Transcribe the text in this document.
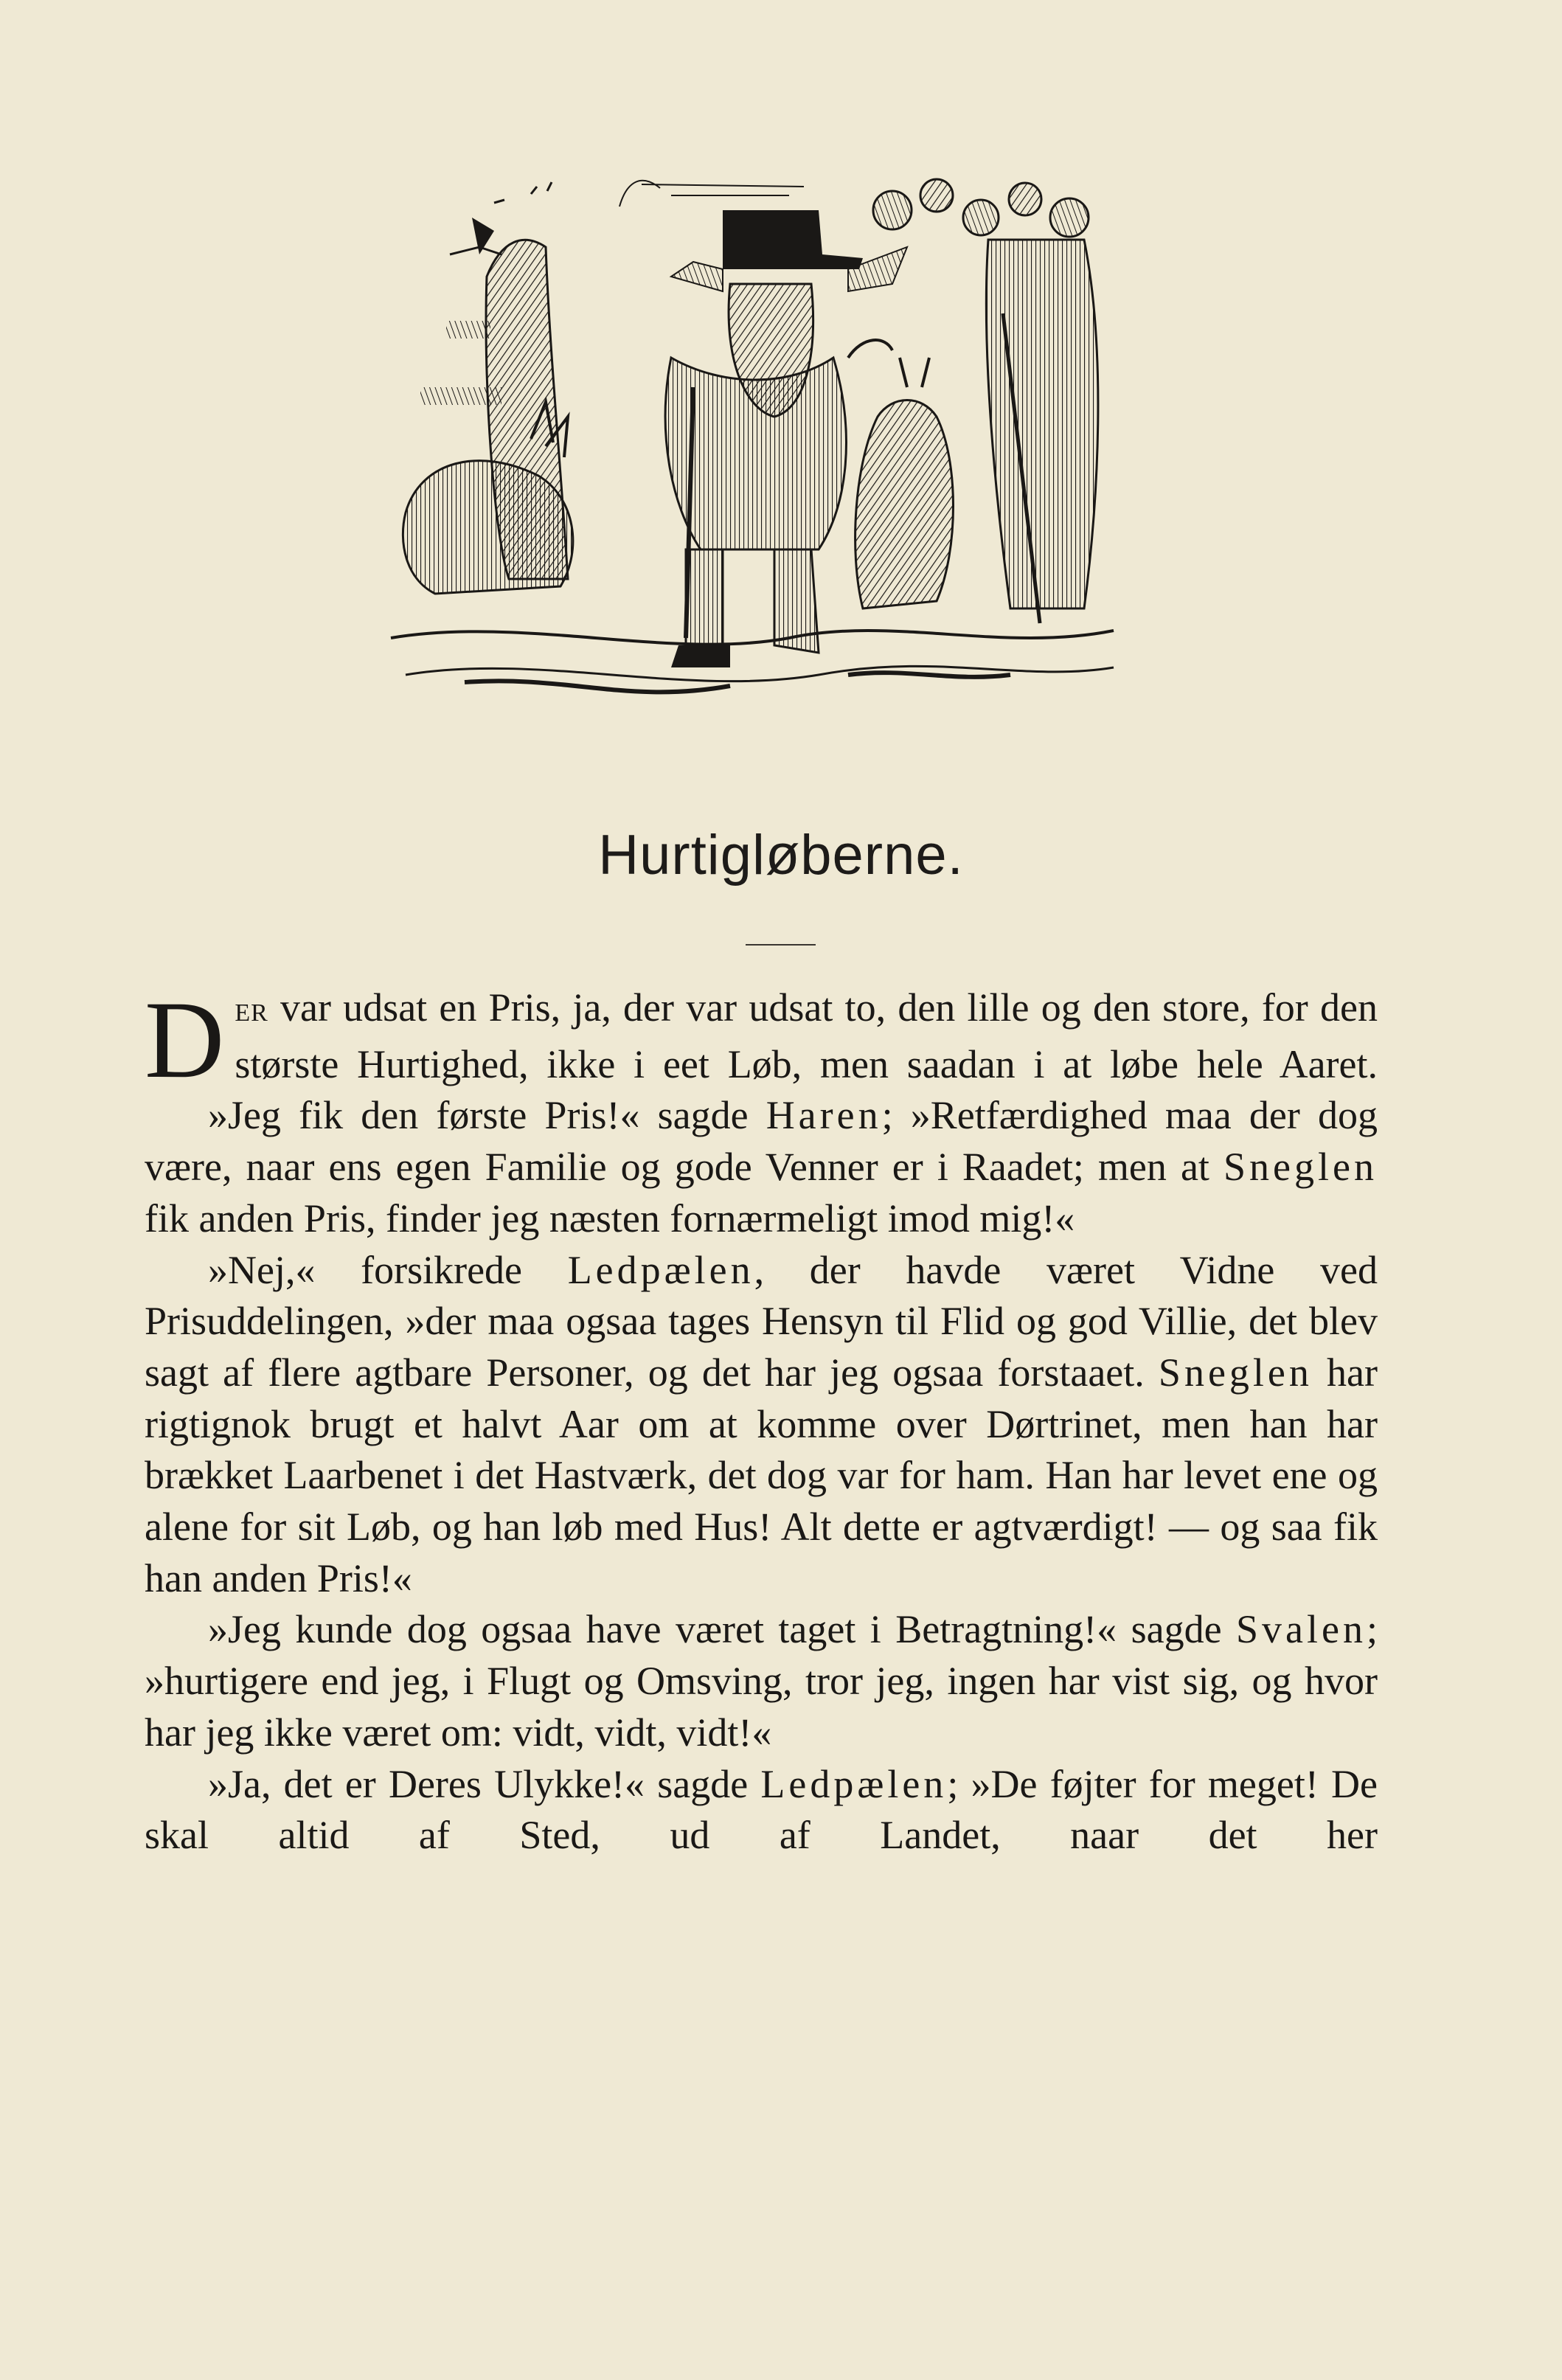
Hurtigløberne.

DER var udsat en Pris, ja, der var udsat to, den lille og den store, for den største Hurtighed, ikke i eet Løb, men saadan i at løbe hele Aaret.

»Jeg fik den første Pris!« sagde Haren; »Retfærdighed maa der dog være, naar ens egen Familie og gode Venner er i Raadet; men at Sneglen fik anden Pris, finder jeg næsten fornærmeligt imod mig!«

»Nej,« forsikrede Ledpælen, der havde været Vidne ved Prisuddelingen, »der maa ogsaa tages Hensyn til Flid og god Villie, det blev sagt af flere agtbare Personer, og det har jeg ogsaa forstaaet. Sneglen har rigtignok brugt et halvt Aar om at komme over Dørtrinet, men han har brækket Laarbenet i det Hastværk, det dog var for ham. Han har levet ene og alene for sit Løb, og han løb med Hus! Alt dette er agtværdigt! — og saa fik han anden Pris!«

»Jeg kunde dog ogsaa have været taget i Betragtning!« sagde Svalen; »hurtigere end jeg, i Flugt og Omsving, tror jeg, ingen har vist sig, og hvor har jeg ikke været om: vidt, vidt, vidt!«

»Ja, det er Deres Ulykke!« sagde Ledpælen; »De føjter for meget! De skal altid af Sted, ud af Landet, naar det her
